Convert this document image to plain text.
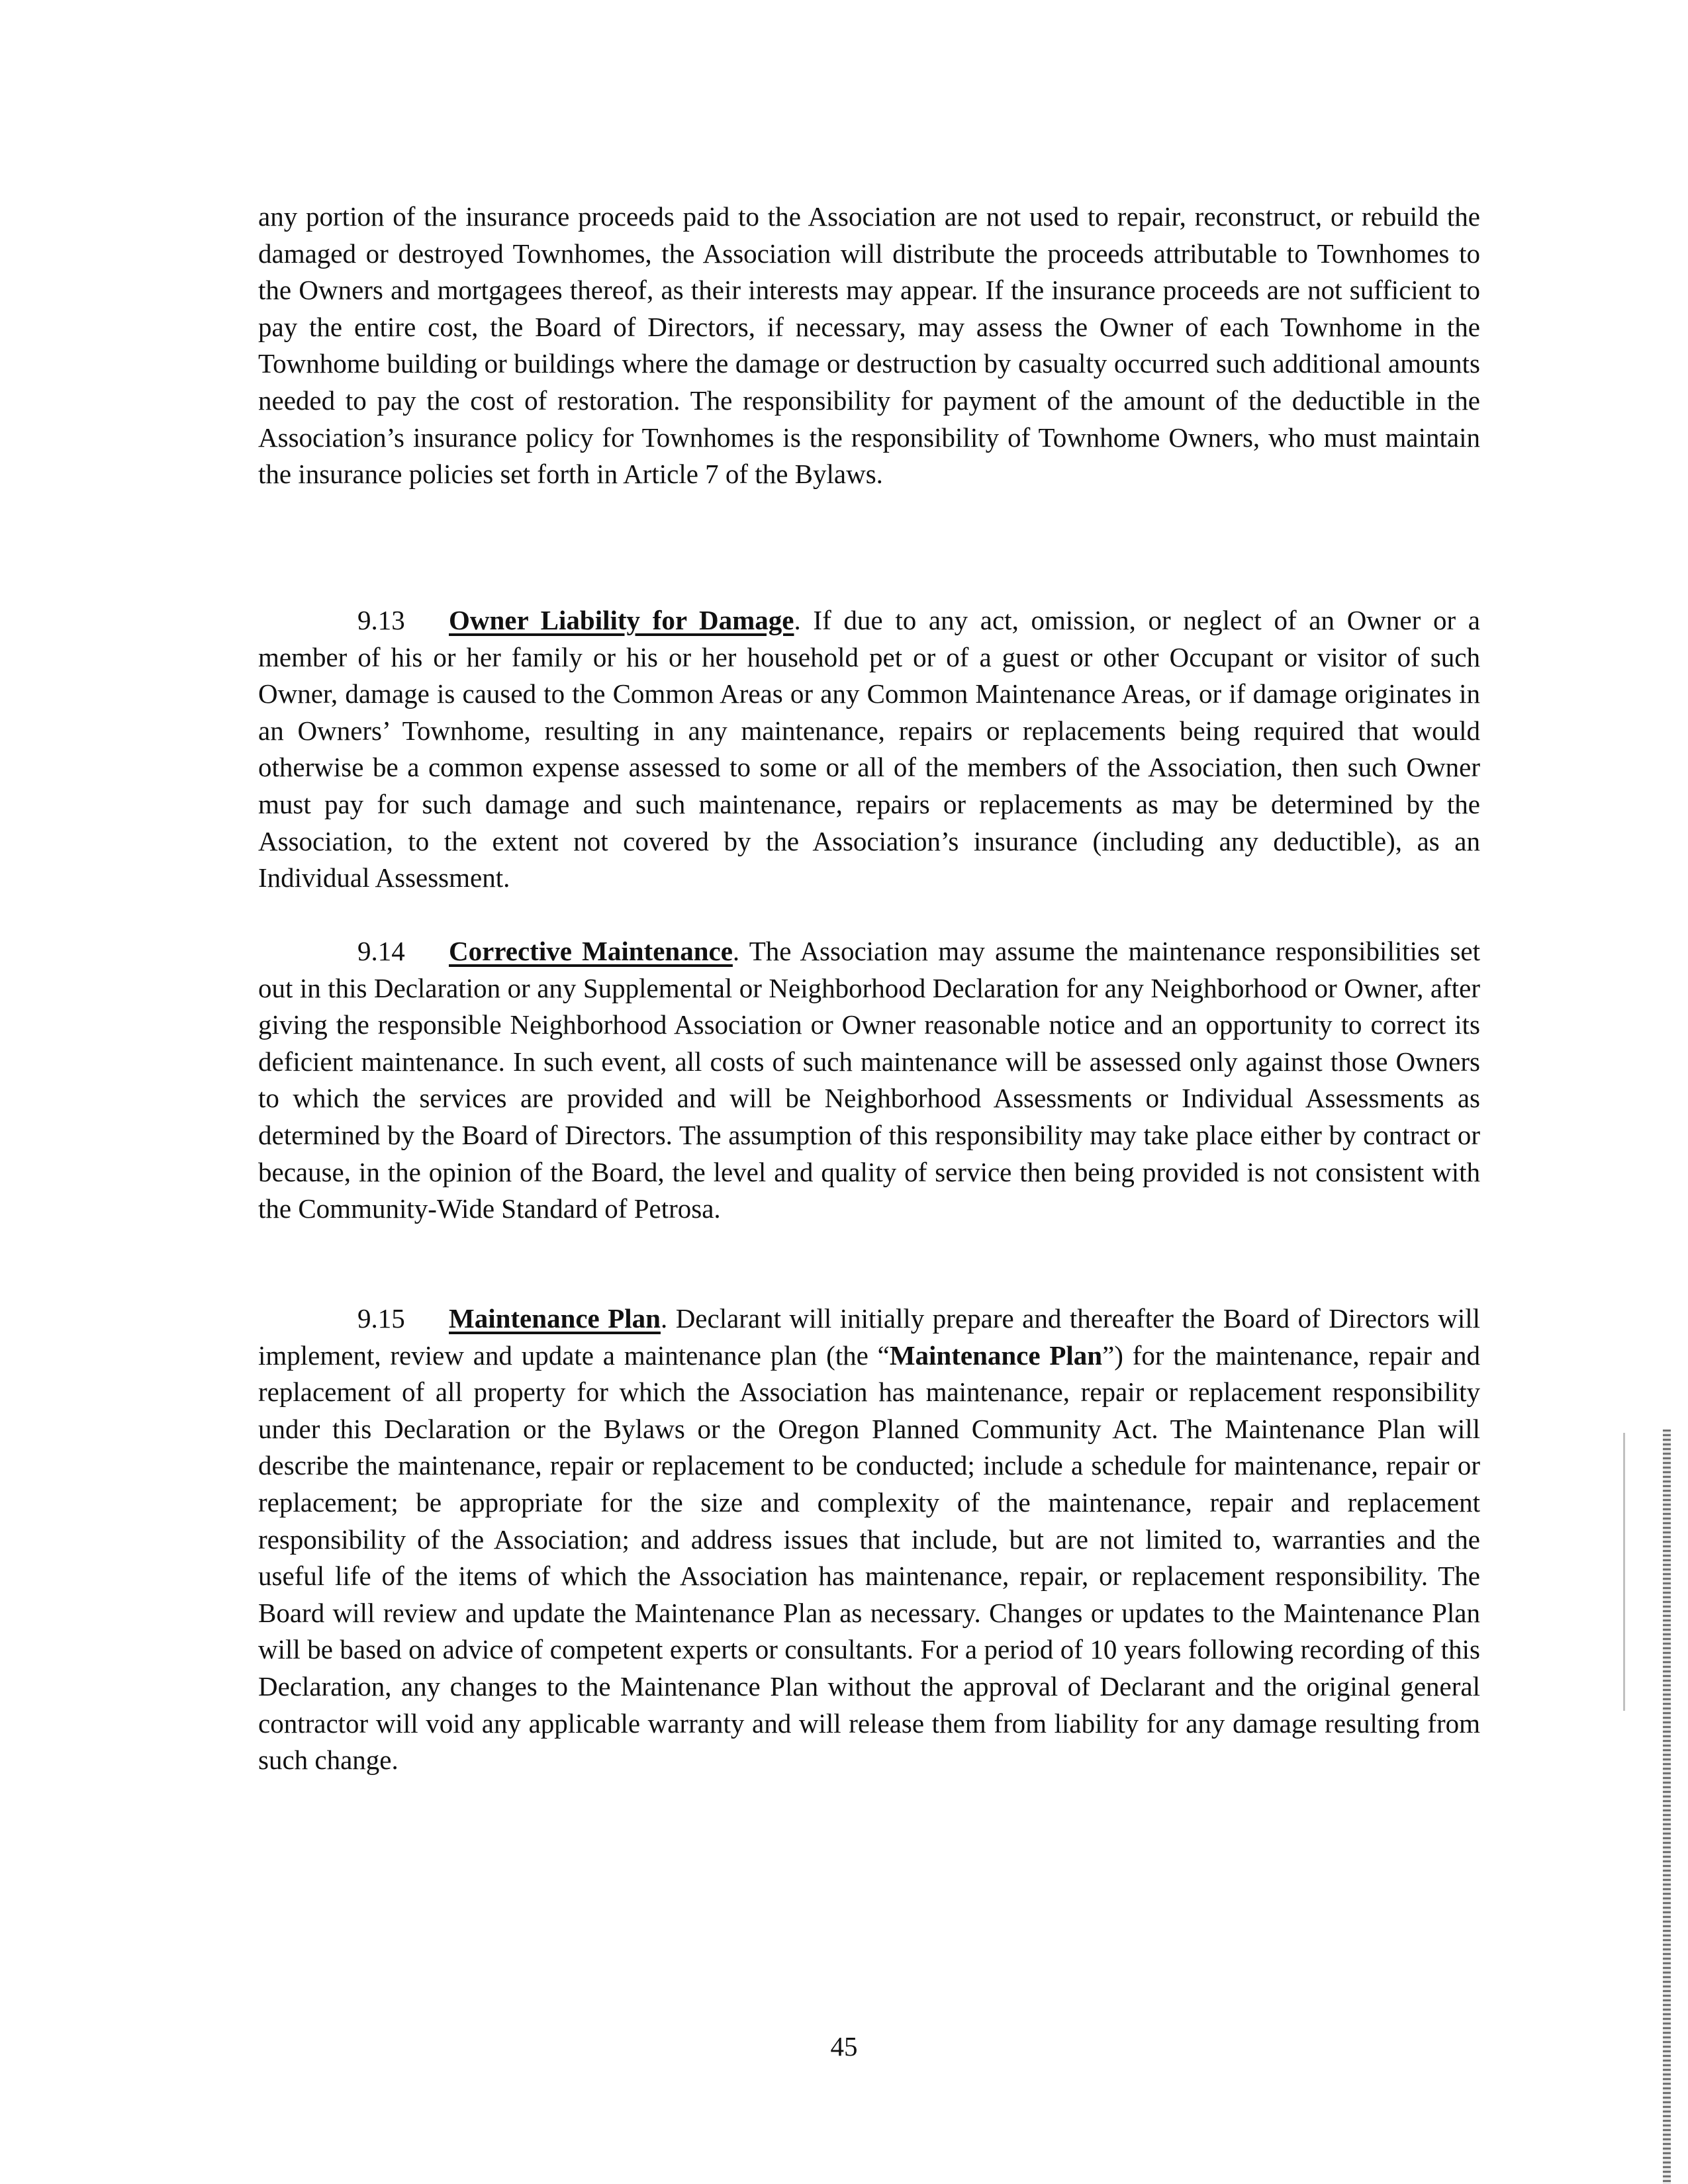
any portion of the insurance proceeds paid to the Association are not used to repair, reconstruct, or rebuild the damaged or destroyed Townhomes, the Association will distribute the proceeds attributable to Townhomes to the Owners and mortgagees thereof, as their interests may appear. If the insurance proceeds are not sufficient to pay the entire cost, the Board of Directors, if necessary, may assess the Owner of each Townhome in the Townhome building or buildings where the damage or destruction by casualty occurred such additional amounts needed to pay the cost of restoration. The responsibility for payment of the amount of the deductible in the Association’s insurance policy for Townhomes is the responsibility of Townhome Owners, who must maintain the insurance policies set forth in Article 7 of the Bylaws.

9.13 Owner Liability for Damage. If due to any act, omission, or neglect of an Owner or a member of his or her family or his or her household pet or of a guest or other Occupant or visitor of such Owner, damage is caused to the Common Areas or any Common Maintenance Areas, or if damage originates in an Owners’ Townhome, resulting in any maintenance, repairs or replacements being required that would otherwise be a common expense assessed to some or all of the members of the Association, then such Owner must pay for such damage and such maintenance, repairs or replacements as may be determined by the Association, to the extent not covered by the Association’s insurance (including any deductible), as an Individual Assessment.

9.14 Corrective Maintenance. The Association may assume the maintenance responsibilities set out in this Declaration or any Supplemental or Neighborhood Declaration for any Neighborhood or Owner, after giving the responsible Neighborhood Association or Owner reasonable notice and an opportunity to correct its deficient maintenance. In such event, all costs of such maintenance will be assessed only against those Owners to which the services are provided and will be Neighborhood Assessments or Individual Assessments as determined by the Board of Directors. The assumption of this responsibility may take place either by contract or because, in the opinion of the Board, the level and quality of service then being provided is not consistent with the Community-Wide Standard of Petrosa.

9.15 Maintenance Plan. Declarant will initially prepare and thereafter the Board of Directors will implement, review and update a maintenance plan (the “Maintenance Plan”) for the maintenance, repair and replacement of all property for which the Association has maintenance, repair or replacement responsibility under this Declaration or the Bylaws or the Oregon Planned Community Act. The Maintenance Plan will describe the maintenance, repair or replacement to be conducted; include a schedule for maintenance, repair or replacement; be appropriate for the size and complexity of the maintenance, repair and replacement responsibility of the Association; and address issues that include, but are not limited to, warranties and the useful life of the items of which the Association has maintenance, repair, or replacement responsibility. The Board will review and update the Maintenance Plan as necessary. Changes or updates to the Maintenance Plan will be based on advice of competent experts or consultants. For a period of 10 years following recording of this Declaration, any changes to the Maintenance Plan without the approval of Declarant and the original general contractor will void any applicable warranty and will release them from liability for any damage resulting from such change.

45
